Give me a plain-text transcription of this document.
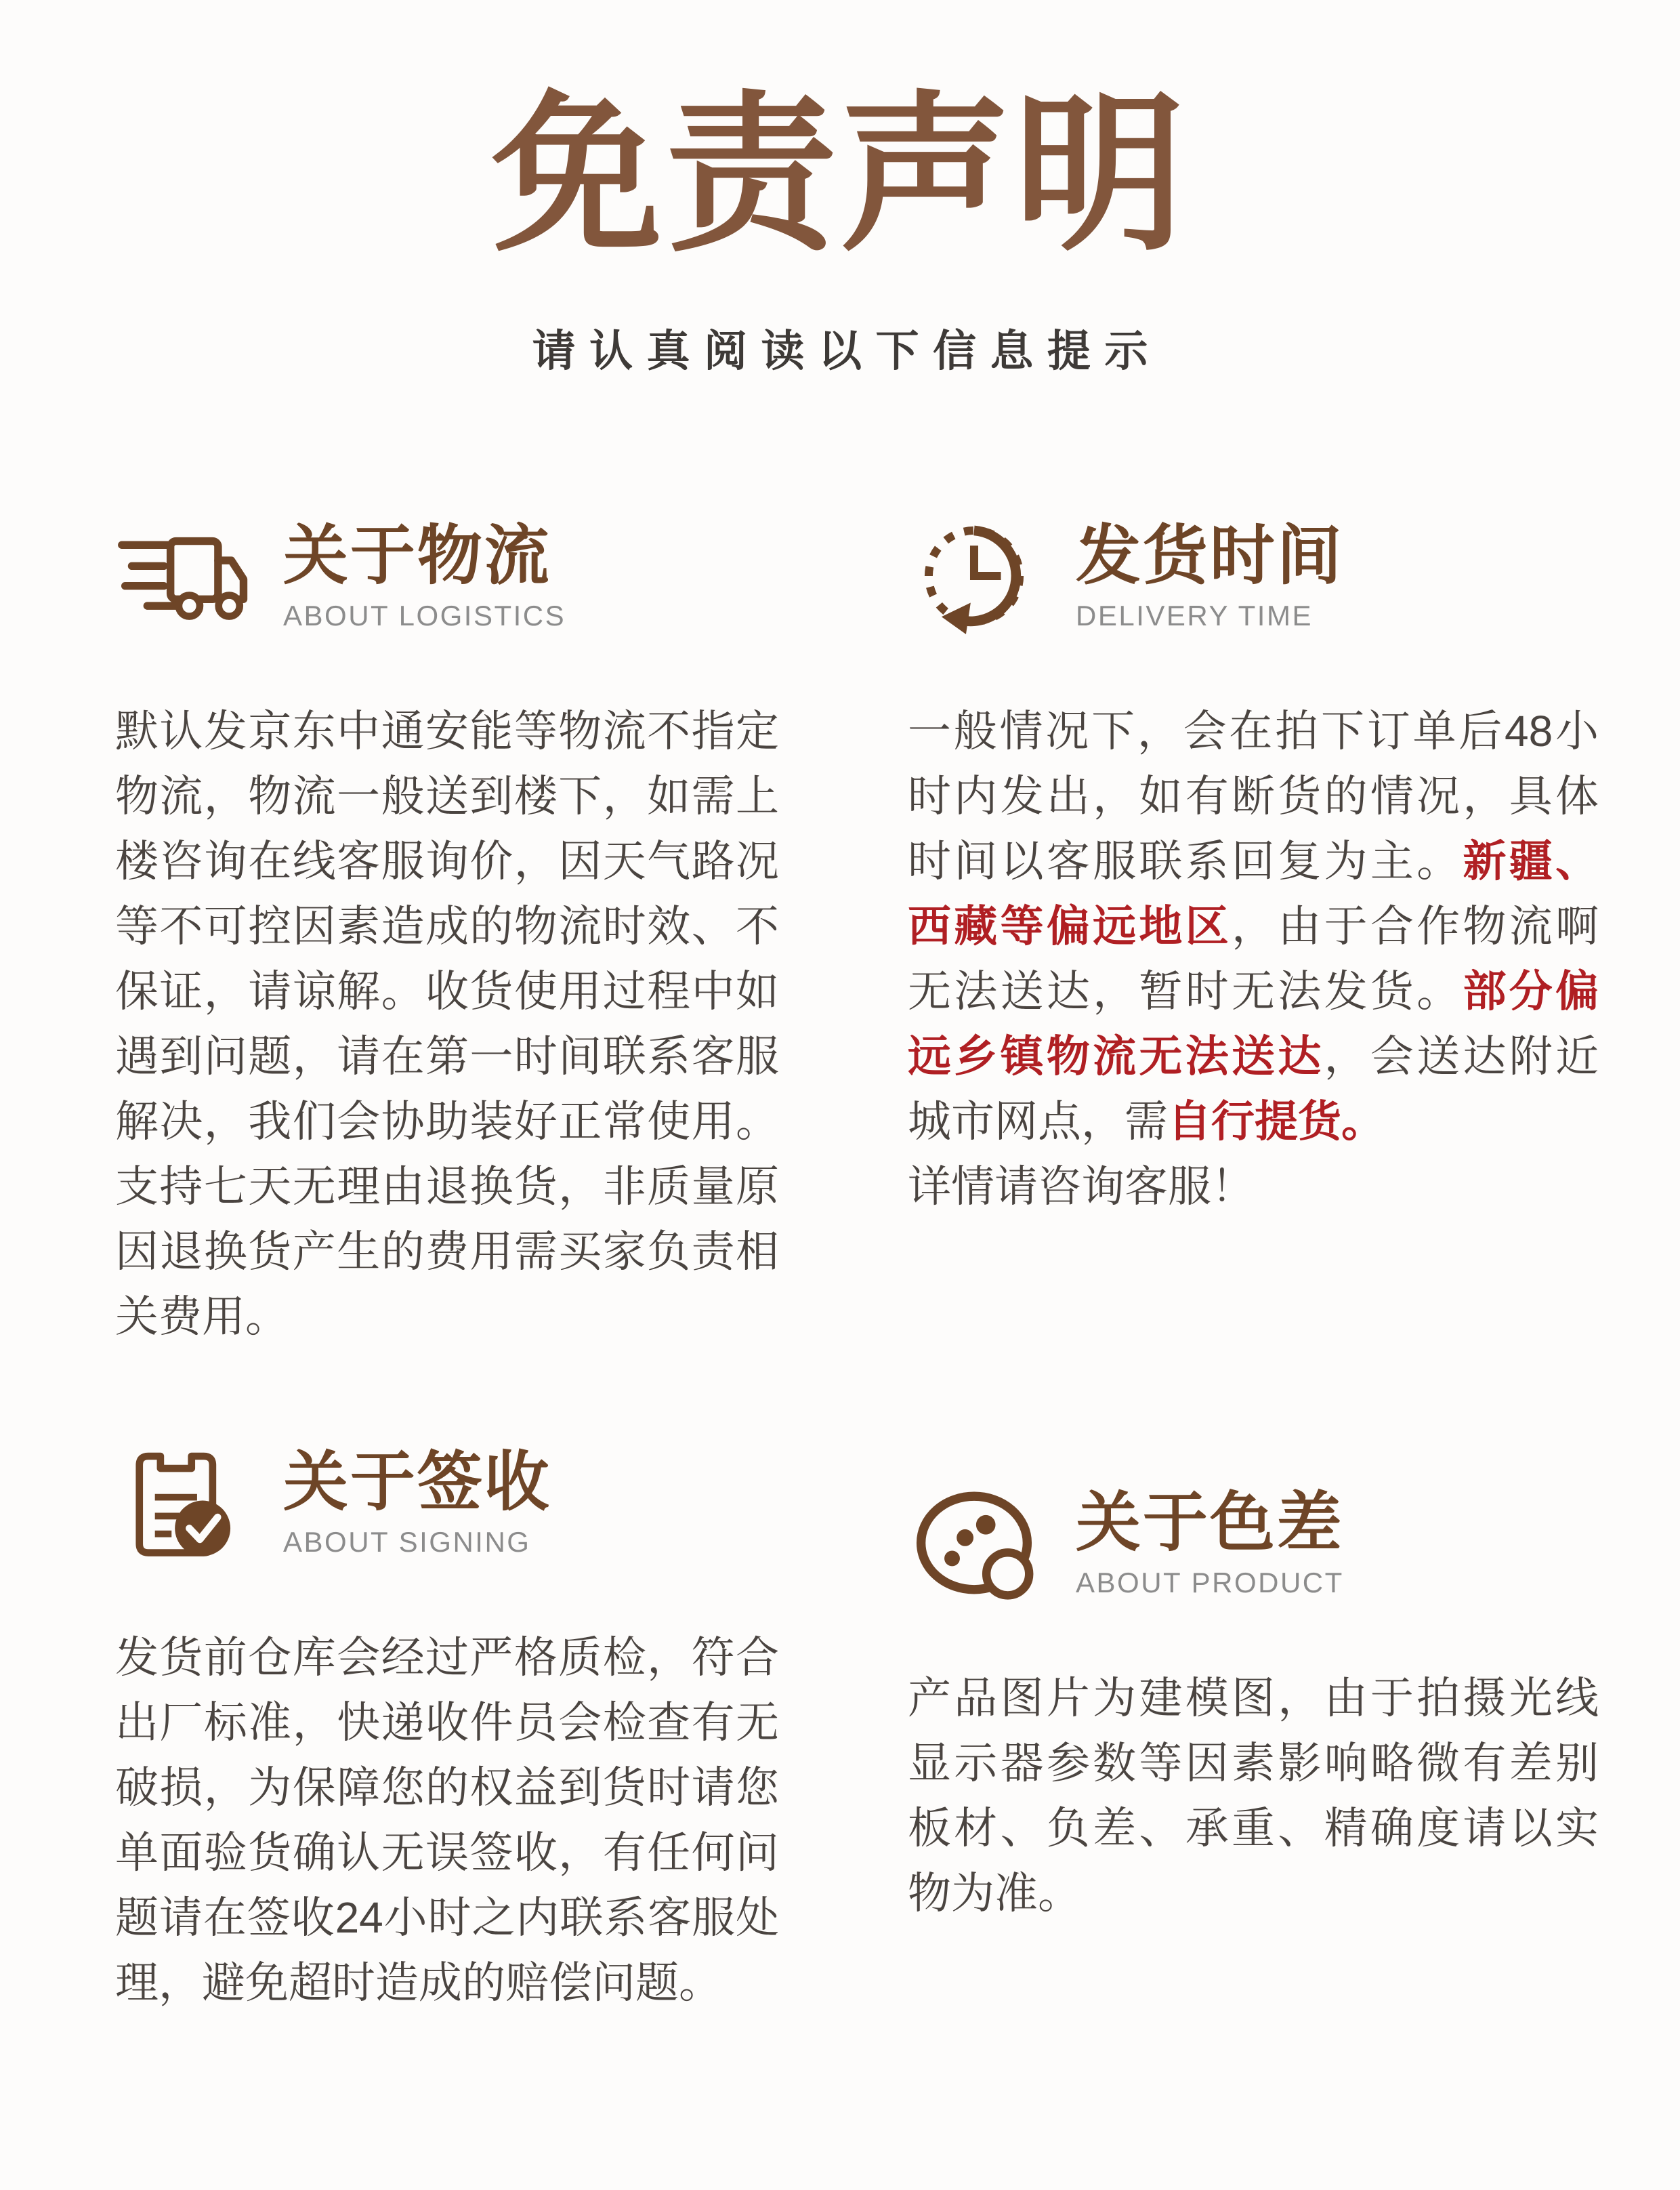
免责声明
请认真阅读以下信息提示
关于物流
ABOUT LOGISTICS

默认发京东中通安能等物流不指定物流，物流一般送到楼下，如需上楼咨询在线客服询价，因天气路况等不可控因素造成的物流时效、不保证，请谅解。收货使用过程中如遇到问题，请在第一时间联系客服解决，我们会协助装好正常使用。支持七天无理由退换货，非质量原因退换货产生的费用需买家负责相关费用。

发货时间
DELIVERY TIME

一般情况下，会在拍下订单后48小时内发出，如有断货的情况，具体时间以客服联系回复为主。新疆、西藏等偏远地区，由于合作物流啊无法送达，暂时无法发货。部分偏远乡镇物流无法送达，会送达附近城市网点，需自行提货。

详情请咨询客服！

关于签收
ABOUT SIGNING

发货前仓库会经过严格质检，符合出厂标准，快递收件员会检查有无破损，为保障您的权益到货时请您单面验货确认无误签收，有任何问题请在签收24小时之内联系客服处理，避免超时造成的赔偿问题。

关于色差
ABOUT PRODUCT

产品图片为建模图，由于拍摄光线显示器参数等因素影响略微有差别板材、负差、承重、精确度请以实物为准。
